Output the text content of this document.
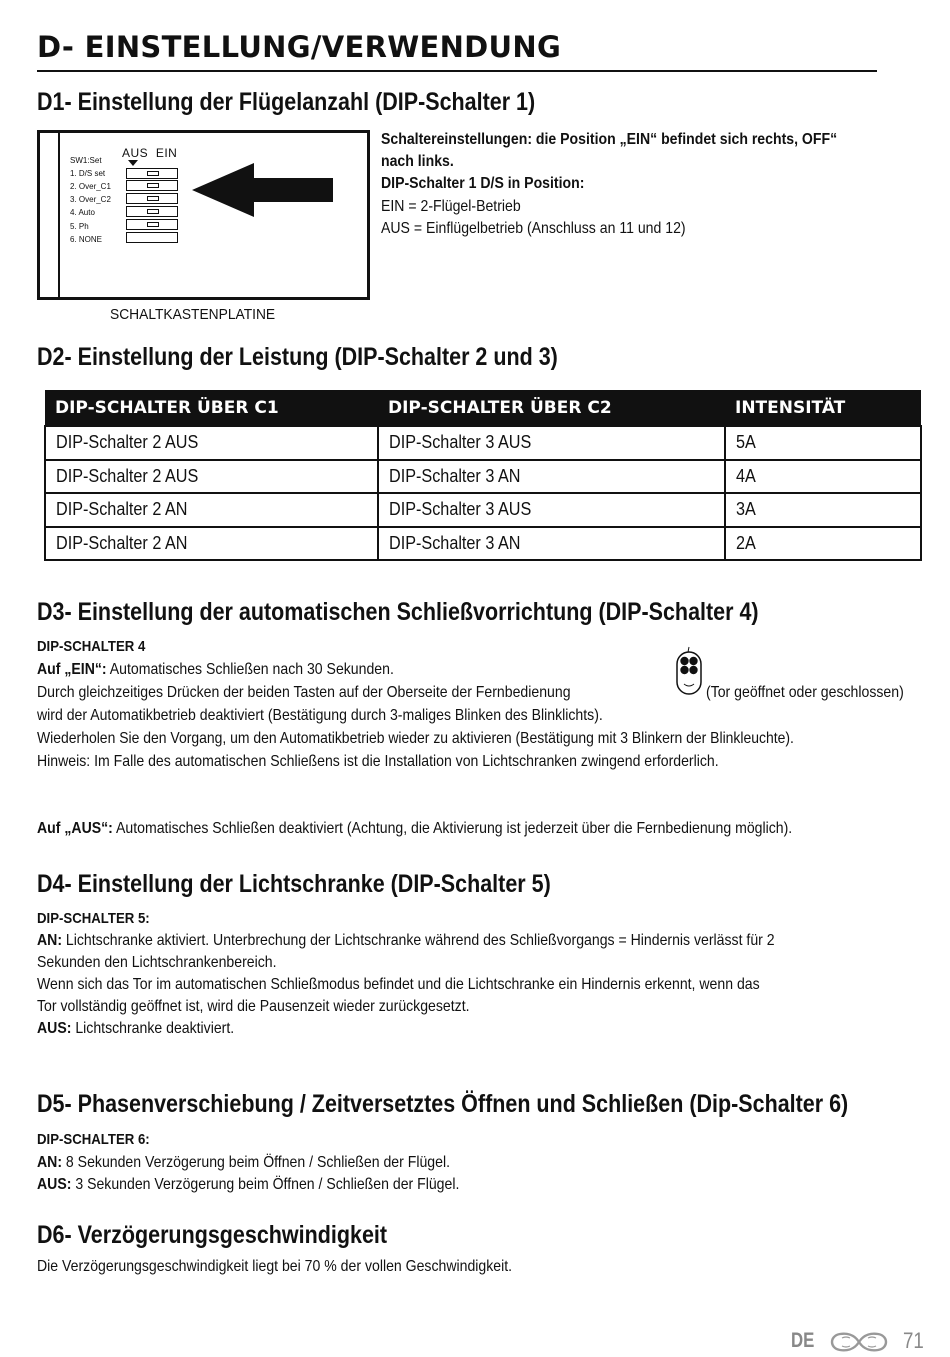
D- EINSTELLUNG/VERWENDUNG
D1- Einstellung der Flügelanzahl (DIP-Schalter 1)
AUS  EIN
SW1:Set
1. D/S set
2. Over_C1
3. Over_C2
4. Auto
5. Ph
6. NONE
SCHALTKASTENPLATINE
Schaltereinstellungen: die Position „EIN“ befindet sich rechts, OFF“
nach links.
DIP-Schalter 1 D/S in Position:
EIN = 2-Flügel-Betrieb
AUS = Einflügelbetrieb (Anschluss an 11 und 12)
D2- Einstellung der Leistung (DIP-Schalter 2 und 3)
DIP-SCHALTER ÜBER C1	DIP-SCHALTER ÜBER C2	INTENSITÄT
DIP-Schalter 2 AUS	DIP-Schalter 3 AUS	5A
DIP-Schalter 2 AUS	DIP-Schalter 3 AN	4A
DIP-Schalter 2 AN	DIP-Schalter 3 AUS	3A
DIP-Schalter 2 AN	DIP-Schalter 3 AN	2A
D3- Einstellung der automatischen Schließvorrichtung (DIP-Schalter 4)
DIP-SCHALTER 4
Auf „EIN“: Automatisches Schließen nach 30 Sekunden.
Durch gleichzeitiges Drücken der beiden Tasten auf der Oberseite der Fernbedienung	(Tor geöffnet oder geschlossen)
wird der Automatikbetrieb deaktiviert (Bestätigung durch 3-maliges Blinken des Blinklichts).
Wiederholen Sie den Vorgang, um den Automatikbetrieb wieder zu aktivieren (Bestätigung mit 3 Blinkern der Blinkleuchte).
Hinweis: Im Falle des automatischen Schließens ist die Installation von Lichtschranken zwingend erforderlich.
Auf „AUS“: Automatisches Schließen deaktiviert (Achtung, die Aktivierung ist jederzeit über die Fernbedienung möglich).
D4- Einstellung der Lichtschranke (DIP-Schalter 5)
DIP-SCHALTER 5:
AN: Lichtschranke aktiviert. Unterbrechung der Lichtschranke während des Schließvorgangs = Hindernis verlässt für 2
Sekunden den Lichtschrankenbereich.
Wenn sich das Tor im automatischen Schließmodus befindet und die Lichtschranke ein Hindernis erkennt, wenn das
Tor vollständig geöffnet ist, wird die Pausenzeit wieder zurückgesetzt.
AUS: Lichtschranke deaktiviert.
D5- Phasenverschiebung / Zeitversetztes Öffnen und Schließen (Dip-Schalter 6)
DIP-SCHALTER 6:
AN: 8 Sekunden Verzögerung beim Öffnen / Schließen der Flügel.
AUS: 3 Sekunden Verzögerung beim Öffnen / Schließen der Flügel.
D6- Verzögerungsgeschwindigkeit
Die Verzögerungsgeschwindigkeit liegt bei 70 % der vollen Geschwindigkeit.
DE	71
